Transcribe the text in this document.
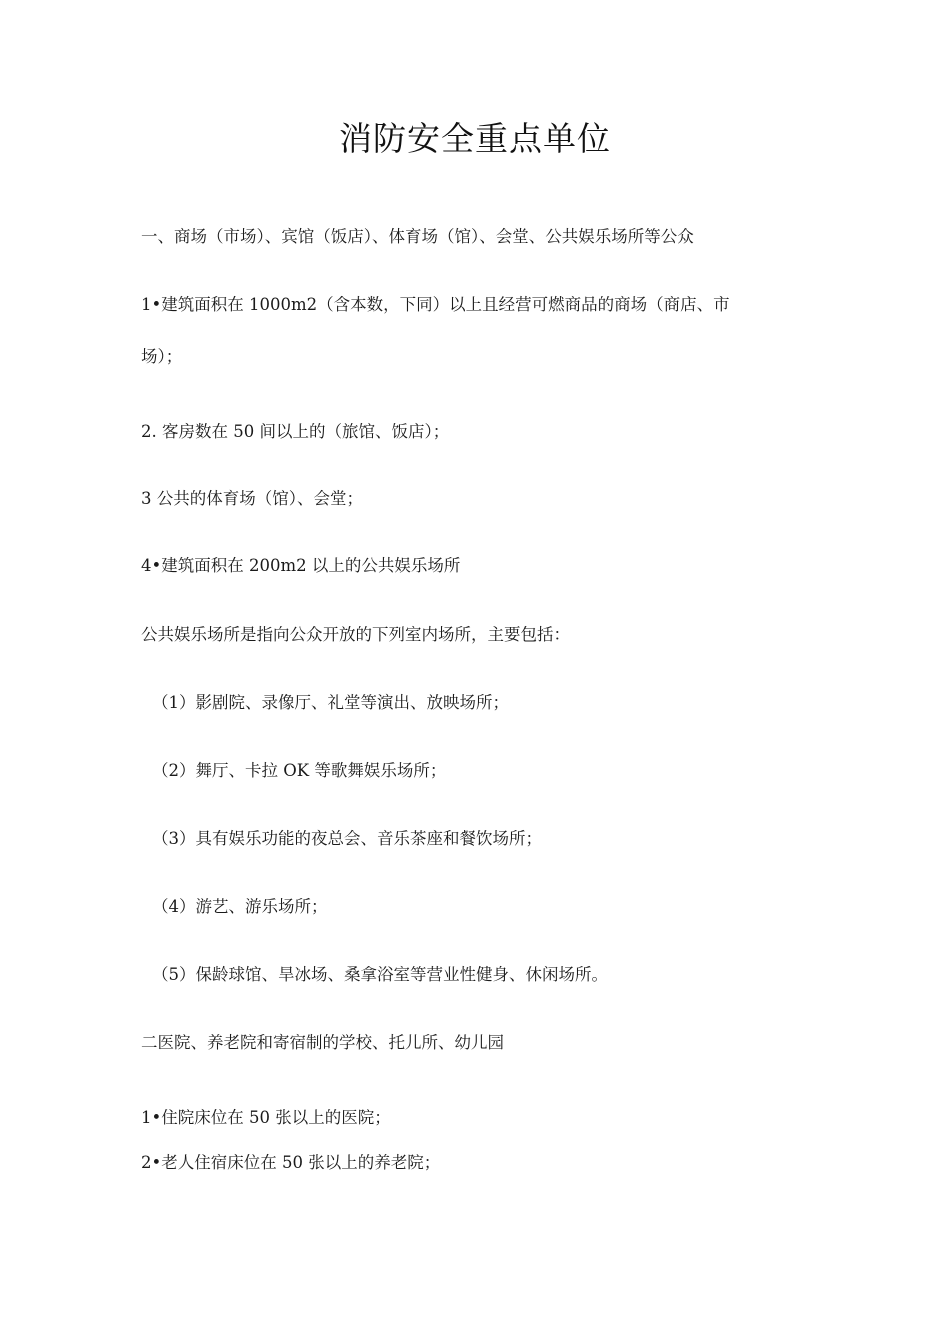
消防安全重点单位
一、商场（市场）、宾馆（饭店）、体育场（馆）、会堂、公共娱乐场所等公众
1•建筑面积在 1000m2（含本数，下同）以上且经营可燃商品的商场（商店、市
场）；
2. 客房数在 50 间以上的（旅馆、饭店）；
3 公共的体育场（馆）、会堂；
4•建筑面积在 200m2 以上的公共娱乐场所
公共娱乐场所是指向公众开放的下列室内场所，主要包括：
（1）影剧院、录像厅、礼堂等演出、放映场所；
（2）舞厅、卡拉 OK 等歌舞娱乐场所；
（3）具有娱乐功能的夜总会、音乐茶座和餐饮场所；
（4）游艺、游乐场所；
（5）保龄球馆、旱冰场、桑拿浴室等营业性健身、休闲场所。
二医院、养老院和寄宿制的学校、托儿所、幼儿园
1•住院床位在 50 张以上的医院；
2•老人住宿床位在 50 张以上的养老院；
